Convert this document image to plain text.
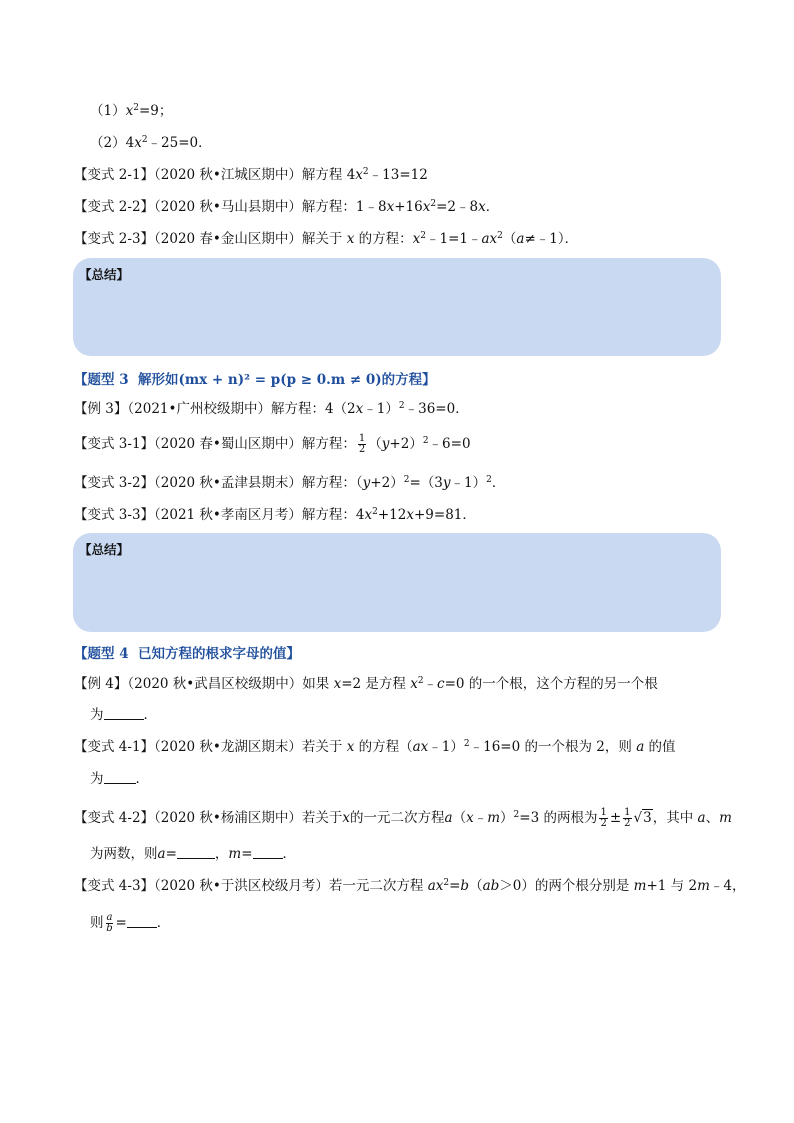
$(1)x^2=9$；
$(2)4x^2﹣25=0$．
【变式 2-1】（2020 秋•江城区期中）解方程 $4x^2﹣13=12$
【变式 2-2】（2020 秋•马山县期中）解方程：$1﹣8x+16x^2=2﹣8x$．
【变式 2-3】（2020 春•金山区期中）解关于 x 的方程：$x^2﹣1=1﹣ax^2(a\ne﹣1)$．
【总结】
【题型 3 解形如(mx + n)² = p(p ≥ 0.m ≠ 0)的方程】
【例 3】（2021•广州校级期中）解方程：4（2x﹣1）$^2$﹣36=0．
【变式 3-1】（2020 春•蜀山区期中）解方程： $\frac{1}{2}$ $(y+2)^2﹣6=0$
【变式 3-2】（2020 秋•孟津县期末）解方程：$(y+2)^2=(3y﹣1)^2$．
【变式 3-3】（2021 秋•孝南区月考）解方程：$4x^2+12x+9=81$．
【总结】
【题型 4 已知方程的根求字母的值】
【例 4】（2020 秋•武昌区校级期中）如果 x=2 是方程 $x^2﹣c=0$ 的一个根，这个方程的另一个根
为	．
【变式 4-1】（2020 秋•龙湖区期末）若关于 x 的方程（ax﹣1）$^2$﹣16=0 的一个根为 2，则 a 的值
为 ．
【变式 4-2】（2020 秋•杨浦区期中）若关于x的一元二次方程a（x﹣m）$^2$=3 的两根为 $\frac{1}{2} \pm \frac{1}{2} √3$，其中 a、m
为两数，则a=	，m= ．
【变式 4-3】（2020 秋•于洪区校级月考）若一元二次方程 $ax^2=b(ab>0)$的两个根分别是 m+1 与 2m﹣4，
则 $\frac{a}{b}$ = ．
